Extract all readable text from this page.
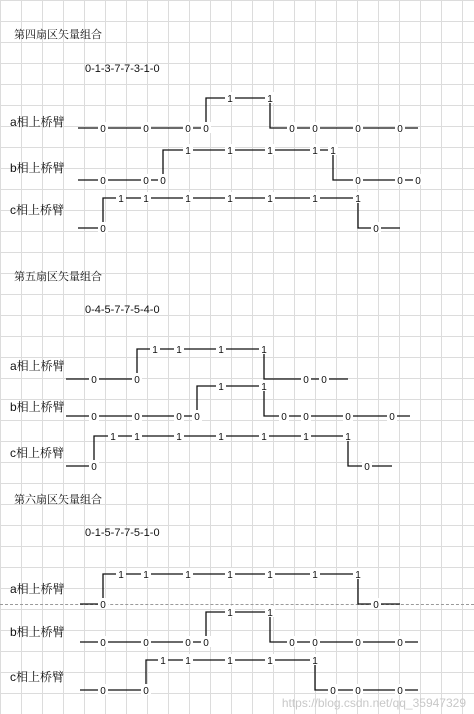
第四扇区矢量组合
0-1-3-7-7-3-1-0
a相上桥臂
0	0	0 0
1	1
0 0	0	0
b相上桥臂
0	0 0
1	1	1	1 1
0	0 0
c相上桥臂
0
1 1	1	1	1	1	1
0
第五扇区矢量组合
0-4-5-7-7-5-4-0
a相上桥臂
0	0
1 1	1	1
0 0
b相上桥臂
0	0	0 0
1	1
0 0	0	0
c相上桥臂
0
1 1	1	1	1	1	1
0
第六扇区矢量组合
0-1-5-7-7-5-1-0
a相上桥臂
0
1 1	1	1	1	1	1
0
b相上桥臂
0	0	0 0
1	1
0 0	0	0
c相上桥臂
0	0
1 1	1	1	1
0 0	0
https://blog.csdn.net/qq_35947329
